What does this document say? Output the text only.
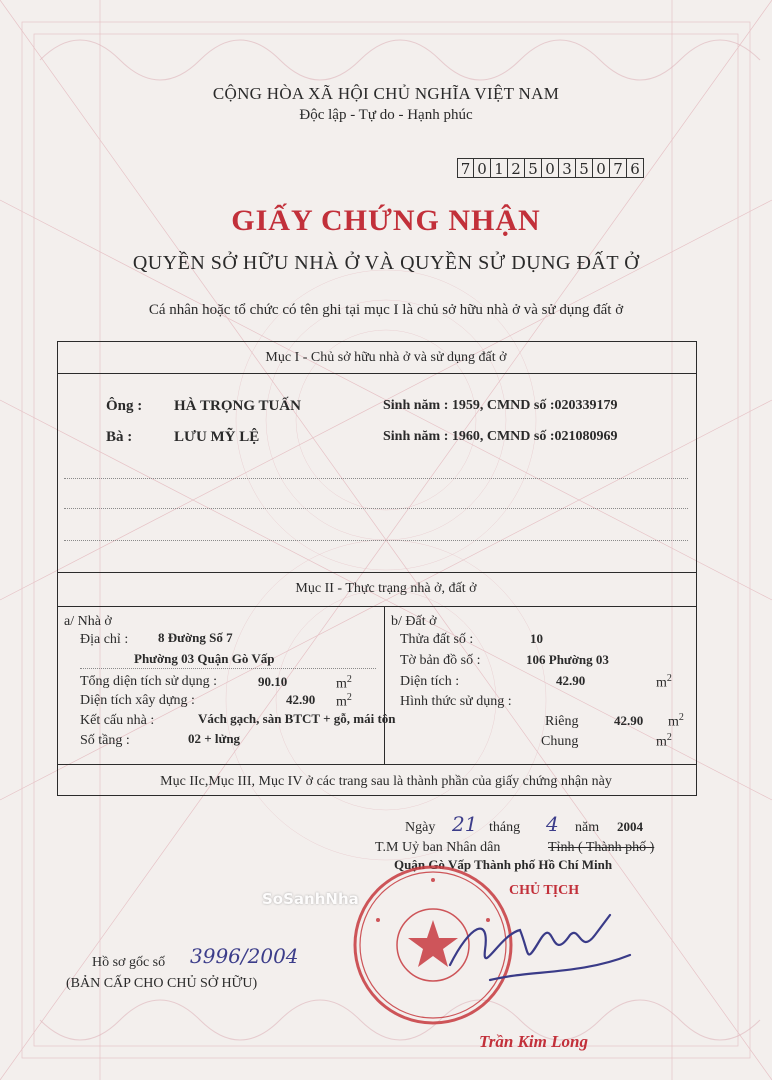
CỘNG HÒA XÃ HỘI CHỦ NGHĨA VIỆT NAM
Độc lập - Tự do - Hạnh phúc
7 0 1 2 5 0 3 5 0 7 6
GIẤY CHỨNG NHẬN
QUYỀN SỞ HỮU NHÀ Ở VÀ QUYỀN SỬ DỤNG ĐẤT Ở
Cá nhân hoặc tổ chức có tên ghi tại mục I là chủ sở hữu nhà ở và sử dụng đất ở
Mục I - Chủ sở hữu nhà ở và sử dụng đất ở
Ông : HÀ TRỌNG TUẤN	Sinh năm : 1959, CMND số :020339179
Bà :	LƯU MỸ LỆ	Sinh năm : 1960, CMND số :021080969
Mục II - Thực trạng nhà ở, đất ở
a/ Nhà ở
Địa chỉ : 8 Đường Số 7
Phường 03 Quận Gò Vấp
Tổng diện tích sử dụng :	90.10	$m^2$
Diện tích xây dựng :	42.90 $m^2$
Kết cấu nhà :	Vách gạch, sàn BTCT + gỗ, mái tôn
Số tầng :	02 + lửng
b/ Đất ở
Thửa đất số :	10
Tờ bản đồ số :	106 Phường 03
Diện tích :	42.90	$m^2$
Hình thức sử dụng :
Riêng	42.90 $m^2$
Chung	$m^2$
Mục IIc,Mục III, Mục IV ở các trang sau là thành phần của giấy chứng nhận này
Ngày 21 tháng 4 năm 2004
T.M Uỷ ban Nhân dân	Tỉnh ( Thành phố )
Quận Gò Vấp Thành phố Hồ Chí Minh
CHỦ TỊCH
Trần Kim Long
Hồ sơ gốc số 3996/2004
(BẢN CẤP CHO CHỦ SỞ HỮU)
SoSanhNha
